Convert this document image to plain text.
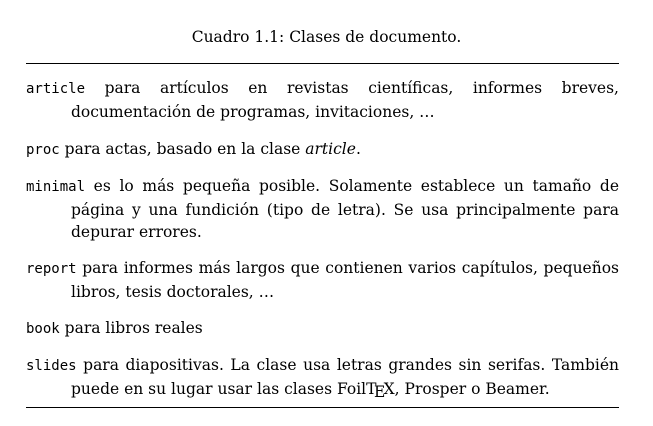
Cuadro 1.1: Clases de documento.
article para artículos en revistas científicas, informes breves, documentación de programas, invitaciones, …
proc para actas, basado en la clase article.
minimal es lo más pequeña posible. Solamente establece un tamaño de página y una fundición (tipo de letra). Se usa principalmente para depurar errores.
report para informes más largos que contienen varios capítulos, pequeños libros, tesis doctorales, …
book para libros reales
slides para diapositivas. La clase usa letras grandes sin serifas. También puede en su lugar usar las clases FoilTEX, Prosper o Beamer.
